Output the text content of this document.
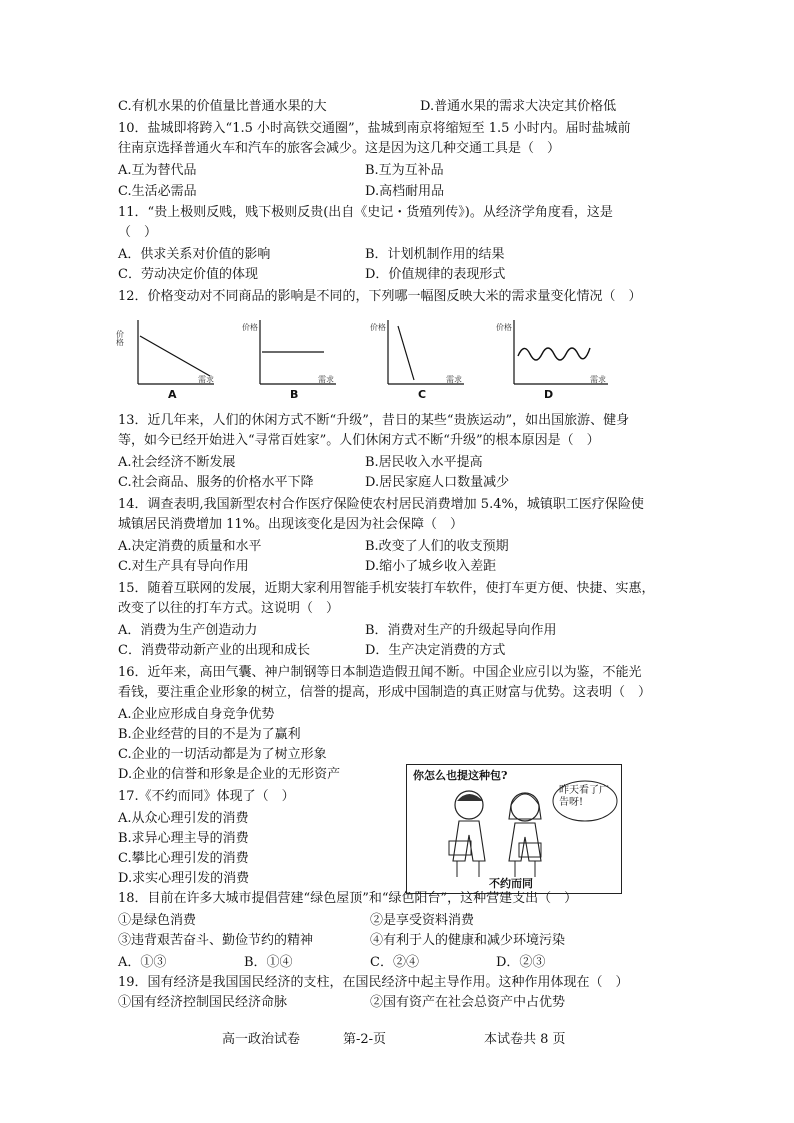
C.有机水果的价值量比普通水果的大	D.普通水果的需求大决定其价格低
10．盐城即将跨入“1.5 小时高铁交通圈”，盐城到南京将缩短至 1.5 小时内。届时盐城前
往南京选择普通火车和汽车的旅客会减少。这是因为这几种交通工具是（　）
A.互为替代品	B.互为互补品
C.生活必需品	D.高档耐用品
11．“贵上极则反贱，贱下极则反贵(出自《史记・货殖列传》)。从经济学角度看，这是
（　）
A．供求关系对价值的影响	B．计划机制作用的结果
C．劳动决定价值的体现	D．价值规律的表现形式
12．价格变动对不同商品的影响是不同的，下列哪一幅图反映大米的需求量变化情况（　）
13．近几年来，人们的休闲方式不断“升级”，昔日的某些“贵族运动”，如出国旅游、健身
等，如今已经开始进入“寻常百姓家”。人们休闲方式不断“升级”的根本原因是（　）
A.社会经济不断发展	B.居民收入水平提高
C.社会商品、服务的价格水平下降	D.居民家庭人口数量减少
14．调查表明,我国新型农村合作医疗保险使农村居民消费增加 5.4%，城镇职工医疗保险使
城镇居民消费增加 11%。出现该变化是因为社会保障（　）
A.决定消费的质量和水平	B.改变了人们的收支预期
C.对生产具有导向作用	D.缩小了城乡收入差距
15．随着互联网的发展，近期大家利用智能手机安装打车软件，使打车更方便、快捷、实惠，
改变了以往的打车方式。这说明（　）
A．消费为生产创造动力	B．消费对生产的升级起导向作用
C．消费带动新产业的出现和成长	D．生产决定消费的方式
16．近年来，高田气囊、神户制钢等日本制造造假丑闻不断。中国企业应引以为鉴，不能光
看钱，要注重企业形象的树立，信誉的提高，形成中国制造的真正财富与优势。这表明（　）
A.企业应形成自身竞争优势
B.企业经营的目的不是为了赢利
C.企业的一切活动都是为了树立形象
D.企业的信誉和形象是企业的无形资产
17.《不约而同》体现了（　）
A.从众心理引发的消费
B.求异心理主导的消费
C.攀比心理引发的消费
D.求实心理引发的消费
18．目前在许多大城市提倡营建“绿色屋顶”和“绿色阳台”，这种营建支出（　）
①是绿色消费	②是享受资料消费
③违背艰苦奋斗、勤俭节约的精神	④有利于人的健康和减少环境污染
A．①③	B．①④	C．②④	D．②③
19．国有经济是我国国民经济的支柱，在国民经济中起主导作用。这种作用体现在（　）
①国有经济控制国民经济命脉	②国有资产在社会总资产中占优势
价格
需求
A
价格
需求
B
价格
需求
C
价格
需求
D
你怎么也提这种包?
昨天看了广告呀!
不约而同
高一政治试卷	第-2-页	本试卷共 8 页
